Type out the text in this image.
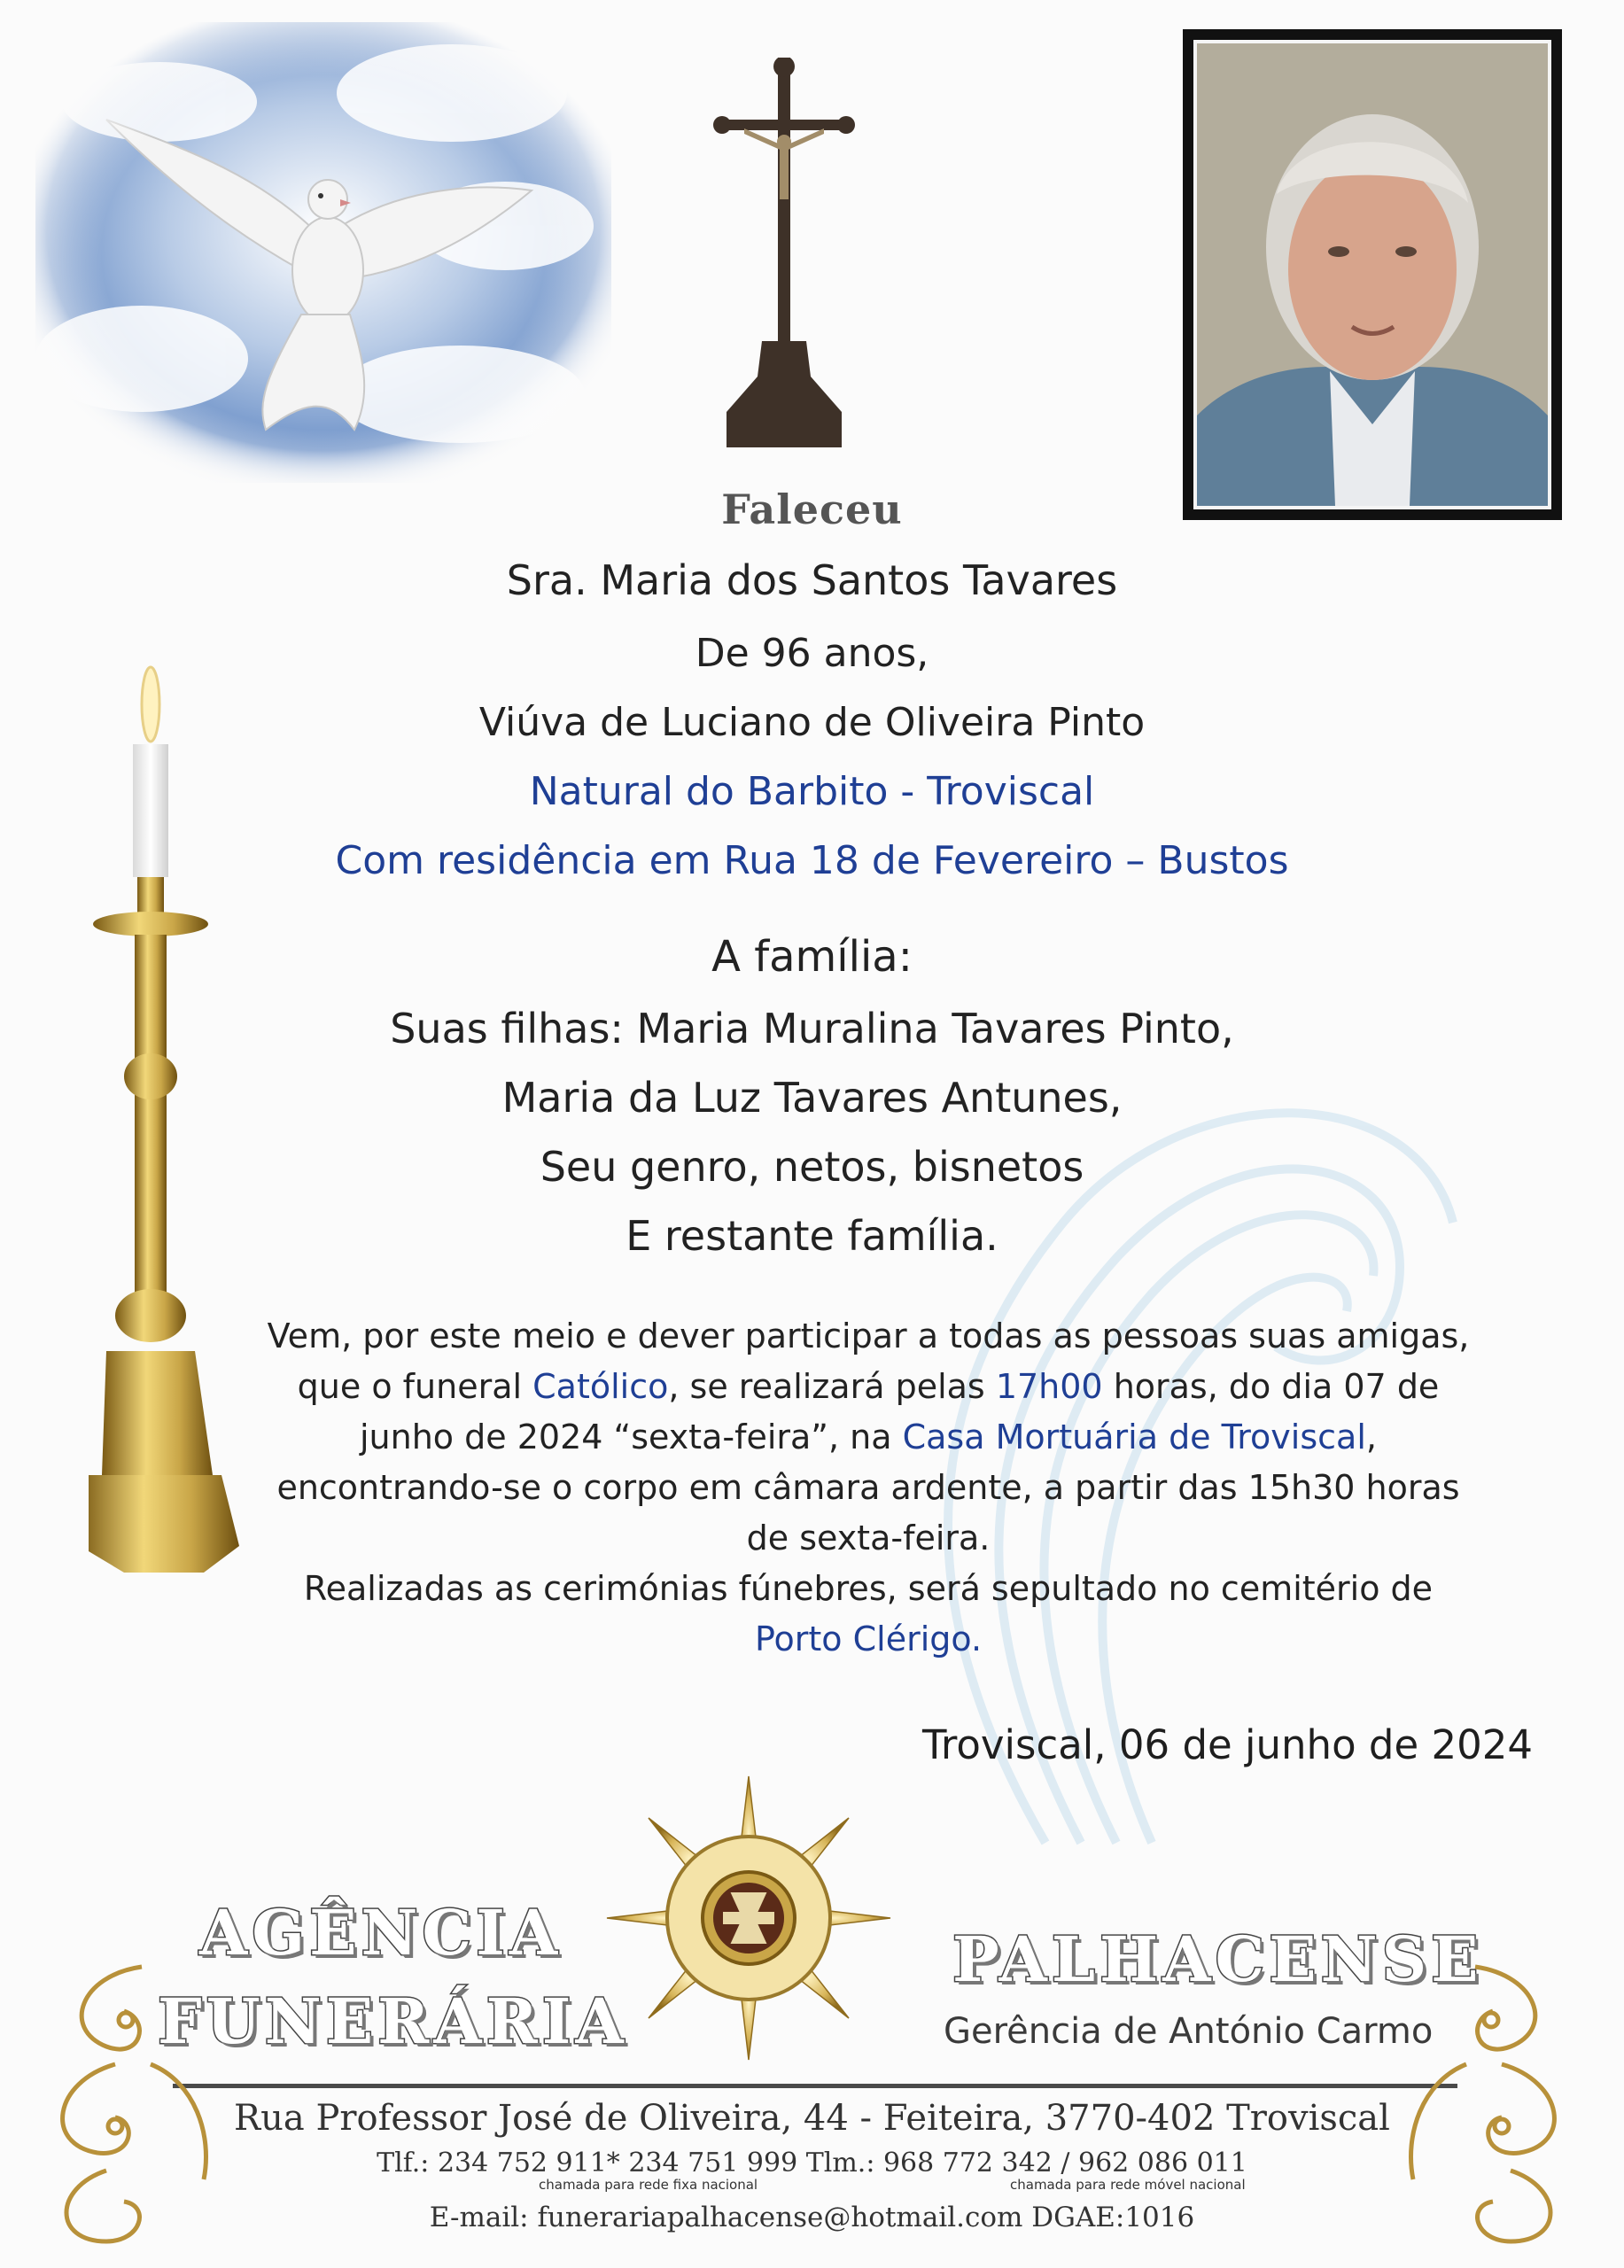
Faleceu
Sra. Maria dos Santos Tavares
De 96 anos,
Viúva de Luciano de Oliveira Pinto
Natural do Barbito - Troviscal
Com residência em Rua 18 de Fevereiro – Bustos
A família:
Suas filhas: Maria Muralina Tavares Pinto,
Maria da Luz Tavares Antunes,
Seu genro, netos, bisnetos
E restante família.
Vem, por este meio e dever participar a todas as pessoas suas amigas,
que o funeral Católico, se realizará pelas 17h00 horas, do dia 07 de
junho de 2024 “sexta-feira”, na Casa Mortuária de Troviscal,
encontrando-se o corpo em câmara ardente, a partir das 15h30 horas
de sexta-feira.
Realizadas as cerimónias fúnebres, será sepultado no cemitério de
Porto Clérigo.
Troviscal, 06 de junho de 2024
AGÊNCIA
FUNERÁRIA
PALHACENSE
Gerência de António Carmo
Rua Professor José de Oliveira, 44 - Feiteira, 3770-402 Troviscal
Tlf.: 234 752 911* 234 751 999 Tlm.: 968 772 342 / 962 086 011
chamada para rede fixa nacional	chamada para rede móvel nacional
E-mail: funerariapalhacense@hotmail.com DGAE:1016
